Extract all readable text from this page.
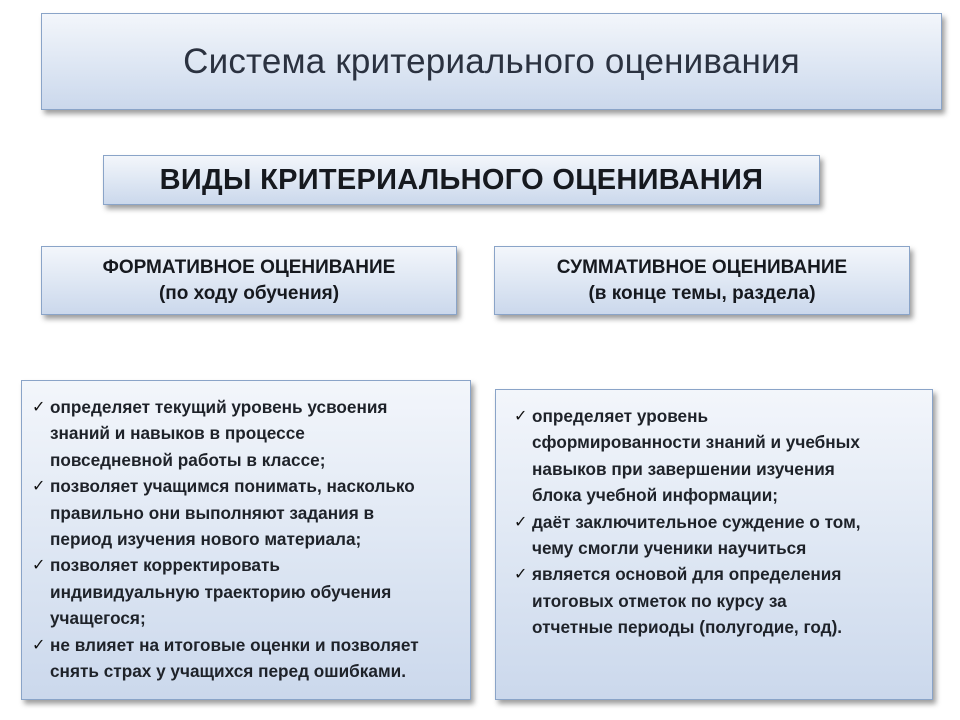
Система критериального оценивания
ВИДЫ КРИТЕРИАЛЬНОГО ОЦЕНИВАНИЯ
ФОРМАТИВНОЕ ОЦЕНИВАНИЕ
(по ходу обучения)
СУММАТИВНОЕ ОЦЕНИВАНИЕ
(в конце темы, раздела)
✓ определяет текущий уровень усвоения
знаний и навыков в процессе
повседневной работы в классе;
✓ позволяет учащимся понимать, насколько
правильно они выполняют задания в
период изучения нового материала;
✓ позволяет корректировать
индивидуальную траекторию обучения
учащегося;
✓ не влияет на итоговые оценки и позволяет
снять страх у учащихся перед ошибками.
✓ определяет уровень
сформированности знаний и учебных
навыков при завершении изучения
блока учебной информации;
✓ даёт заключительное суждение о том,
чему смогли ученики научиться
✓ является основой для определения
итоговых отметок по курсу за
отчетные периоды (полугодие, год).
